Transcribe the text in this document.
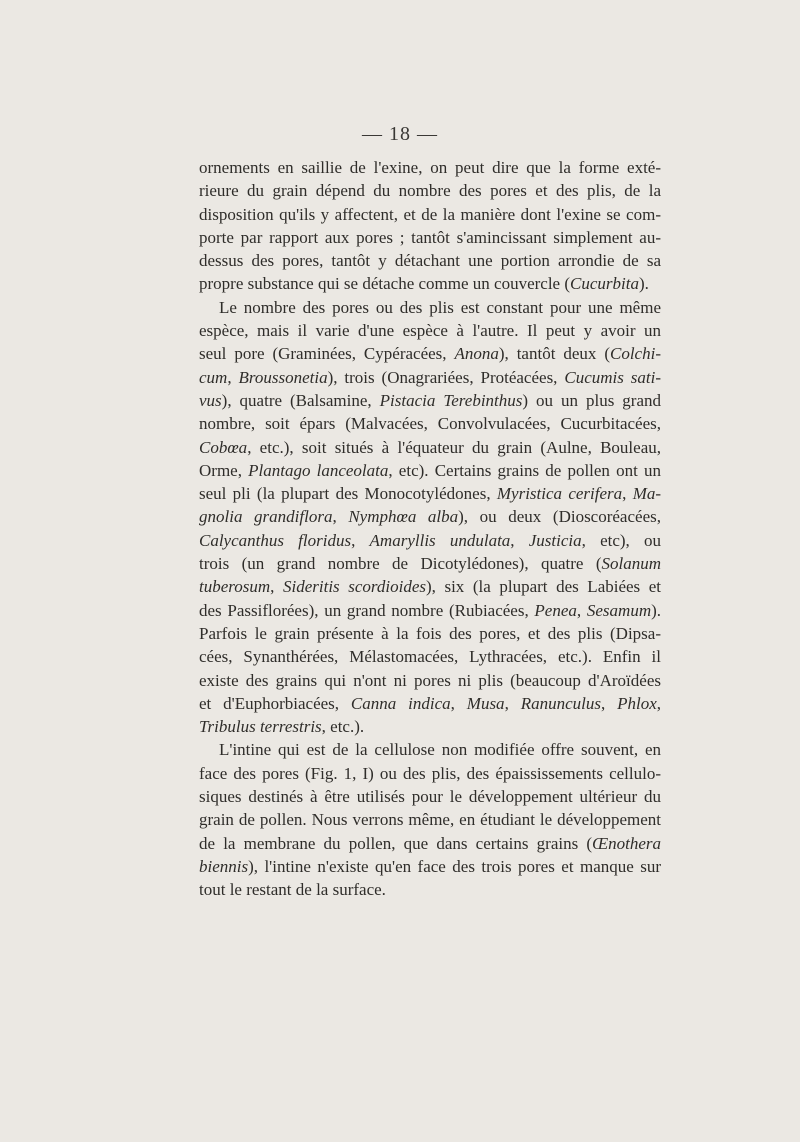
— 18 —
ornements en saillie de l'exine, on peut dire que la forme exté-
rieure du grain dépend du nombre des pores et des plis, de la
disposition qu'ils y affectent, et de la manière dont l'exine se com-
porte par rapport aux pores ; tantôt s'amincissant simplement au-
dessus des pores, tantôt y détachant une portion arrondie de sa
propre substance qui se détache comme un couvercle (Cucurbita).
Le nombre des pores ou des plis est constant pour une même
espèce, mais il varie d'une espèce à l'autre. Il peut y avoir un
seul pore (Graminées, Cypéracées, Anona), tantôt deux (Colchi-
cum, Broussonetia), trois (Onagrariées, Protéacées, Cucumis sati-
vus), quatre (Balsamine, Pistacia Terebinthus) ou un plus grand
nombre, soit épars (Malvacées, Convolvulacées, Cucurbitacées,
Cobœa, etc.), soit situés à l'équateur du grain (Aulne, Bouleau,
Orme, Plantago lanceolata, etc). Certains grains de pollen ont un
seul pli (la plupart des Monocotylédones, Myristica cerifera, Ma-
gnolia grandiflora, Nymphœa alba), ou deux (Dioscoréacées,
Calycanthus floridus, Amaryllis undulata, Justicia, etc), ou
trois (un grand nombre de Dicotylédones), quatre (Solanum
tuberosum, Sideritis scordioides), six (la plupart des Labiées et
des Passiflorées), un grand nombre (Rubiacées, Penea, Sesamum).
Parfois le grain présente à la fois des pores, et des plis (Dipsa-
cées, Synanthérées, Mélastomacées, Lythracées, etc.). Enfin il
existe des grains qui n'ont ni pores ni plis (beaucoup d'Aroïdées
et d'Euphorbiacées, Canna indica, Musa, Ranunculus, Phlox,
Tribulus terrestris, etc.).
L'intine qui est de la cellulose non modifiée offre souvent, en
face des pores (Fig. 1, I) ou des plis, des épaississements cellulo-
siques destinés à être utilisés pour le développement ultérieur du
grain de pollen. Nous verrons même, en étudiant le développement
de la membrane du pollen, que dans certains grains (Œnothera
biennis), l'intine n'existe qu'en face des trois pores et manque sur
tout le restant de la surface.
